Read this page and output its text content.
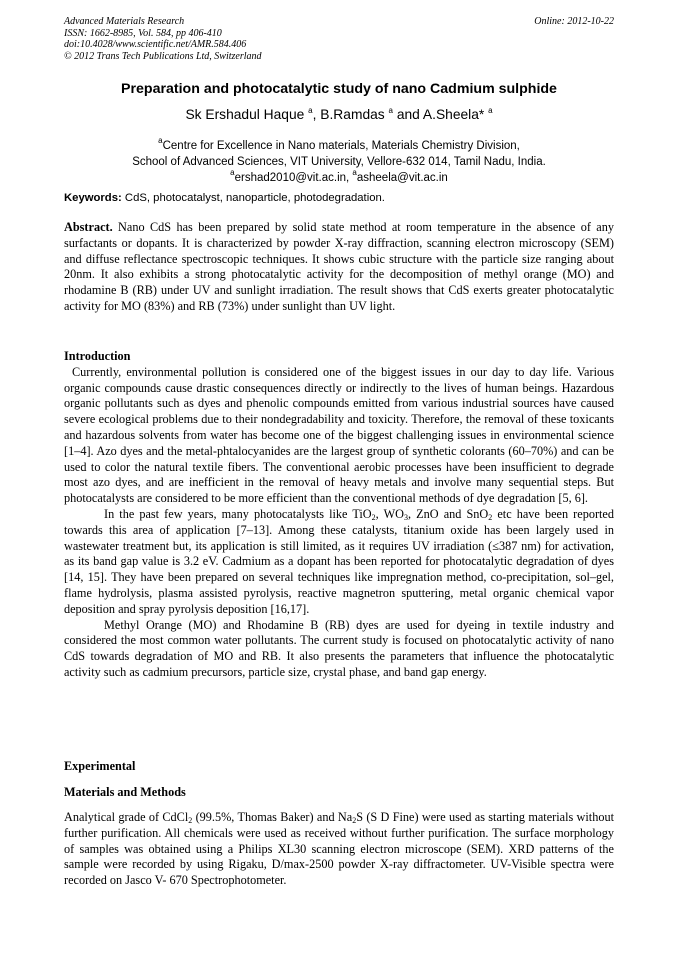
Advanced Materials Research
ISSN: 1662-8985, Vol. 584, pp 406-410
doi:10.4028/www.scientific.net/AMR.584.406
© 2012 Trans Tech Publications Ltd, Switzerland
Online: 2012-10-22
Preparation and photocatalytic study of nano Cadmium sulphide
Sk Ershadul Haque $^a$, B.Ramdas $^a$ and A.Sheela* $^a$
$^a$Centre for Excellence in Nano materials, Materials Chemistry Division,
School of Advanced Sciences, VIT University, Vellore-632 014, Tamil Nadu, India.
$^a$ershad2010@vit.ac.in, $^a$asheela@vit.ac.in
Keywords: CdS, photocatalyst, nanoparticle, photodegradation.

Abstract. Nano CdS has been prepared by solid state method at room temperature in the absence of any surfactants or dopants. It is characterized by powder X-ray diffraction, scanning electron microscopy (SEM) and diffuse reflectance spectroscopic techniques. It shows cubic structure with the particle size ranging about 20nm. It also exhibits a strong photocatalytic activity for the decomposition of methyl orange (MO) and rhodamine B (RB) under UV and sunlight irradiation. The result shows that CdS exerts greater photocatalytic activity for MO (83%) and RB (73%) under sunlight than UV light.

Introduction

Currently, environmental pollution is considered one of the biggest issues in our day to day life. Various organic compounds cause drastic consequences directly or indirectly to the lives of human beings. Hazardous organic pollutants such as dyes and phenolic compounds emitted from various industrial sources have caused severe ecological problems due to their nondegradability and toxicity. Therefore, the removal of these toxicants and hazardous solvents from water has become one of the biggest challenging issues in environmental science [1–4]. Azo dyes and the metal-phtalocyanides are the largest group of synthetic colorants (60–70%) and can be used to color the natural textile fibers. The conventional aerobic processes have been insufficient to degrade most azo dyes, and are inefficient in the removal of heavy metals and involve many sequential steps. But photocatalysts are considered to be more efficient than the conventional methods of dye degradation [5, 6].

In the past few years, many photocatalysts like TiO$_2$, $WO_3$, ZnO and SnO$_2$ etc have been reported towards this area of application [7–13]. Among these catalysts, titanium oxide has been largely used in wastewater treatment but, its application is still limited, as it requires UV irradiation (≤387 nm) for activation, as its band gap value is 3.2 eV. Cadmium as a dopant has been reported for photocatalytic degradation of dyes [14, 15]. They have been prepared on several techniques like impregnation method, co-precipitation, sol–gel, flame hydrolysis, plasma assisted pyrolysis, reactive magnetron sputtering, metal organic chemical vapor deposition and spray pyrolysis deposition [16,17].

Methyl Orange (MO) and Rhodamine B (RB) dyes are used for dyeing in textile industry and considered the most common water pollutants. The current study is focused on photocatalytic activity of nano CdS towards degradation of MO and RB. It also presents the parameters that influence the photocatalytic activity such as cadmium precursors, particle size, crystal phase, and band gap energy.

Experimental
Materials and Methods

Analytical grade of CdCl$_2$ (99.5%, Thomas Baker) and $Na_2S$ (S D Fine) were used as starting materials without further purification. All chemicals were used as received without further purification. The surface morphology of samples was obtained using a Philips XL30 scanning electron microscope (SEM). XRD patterns of the sample were recorded by using Rigaku, D/max-2500 powder X-ray diffractometer. UV-Visible spectra were recorded on Jasco V- 670 Spectrophotometer.
